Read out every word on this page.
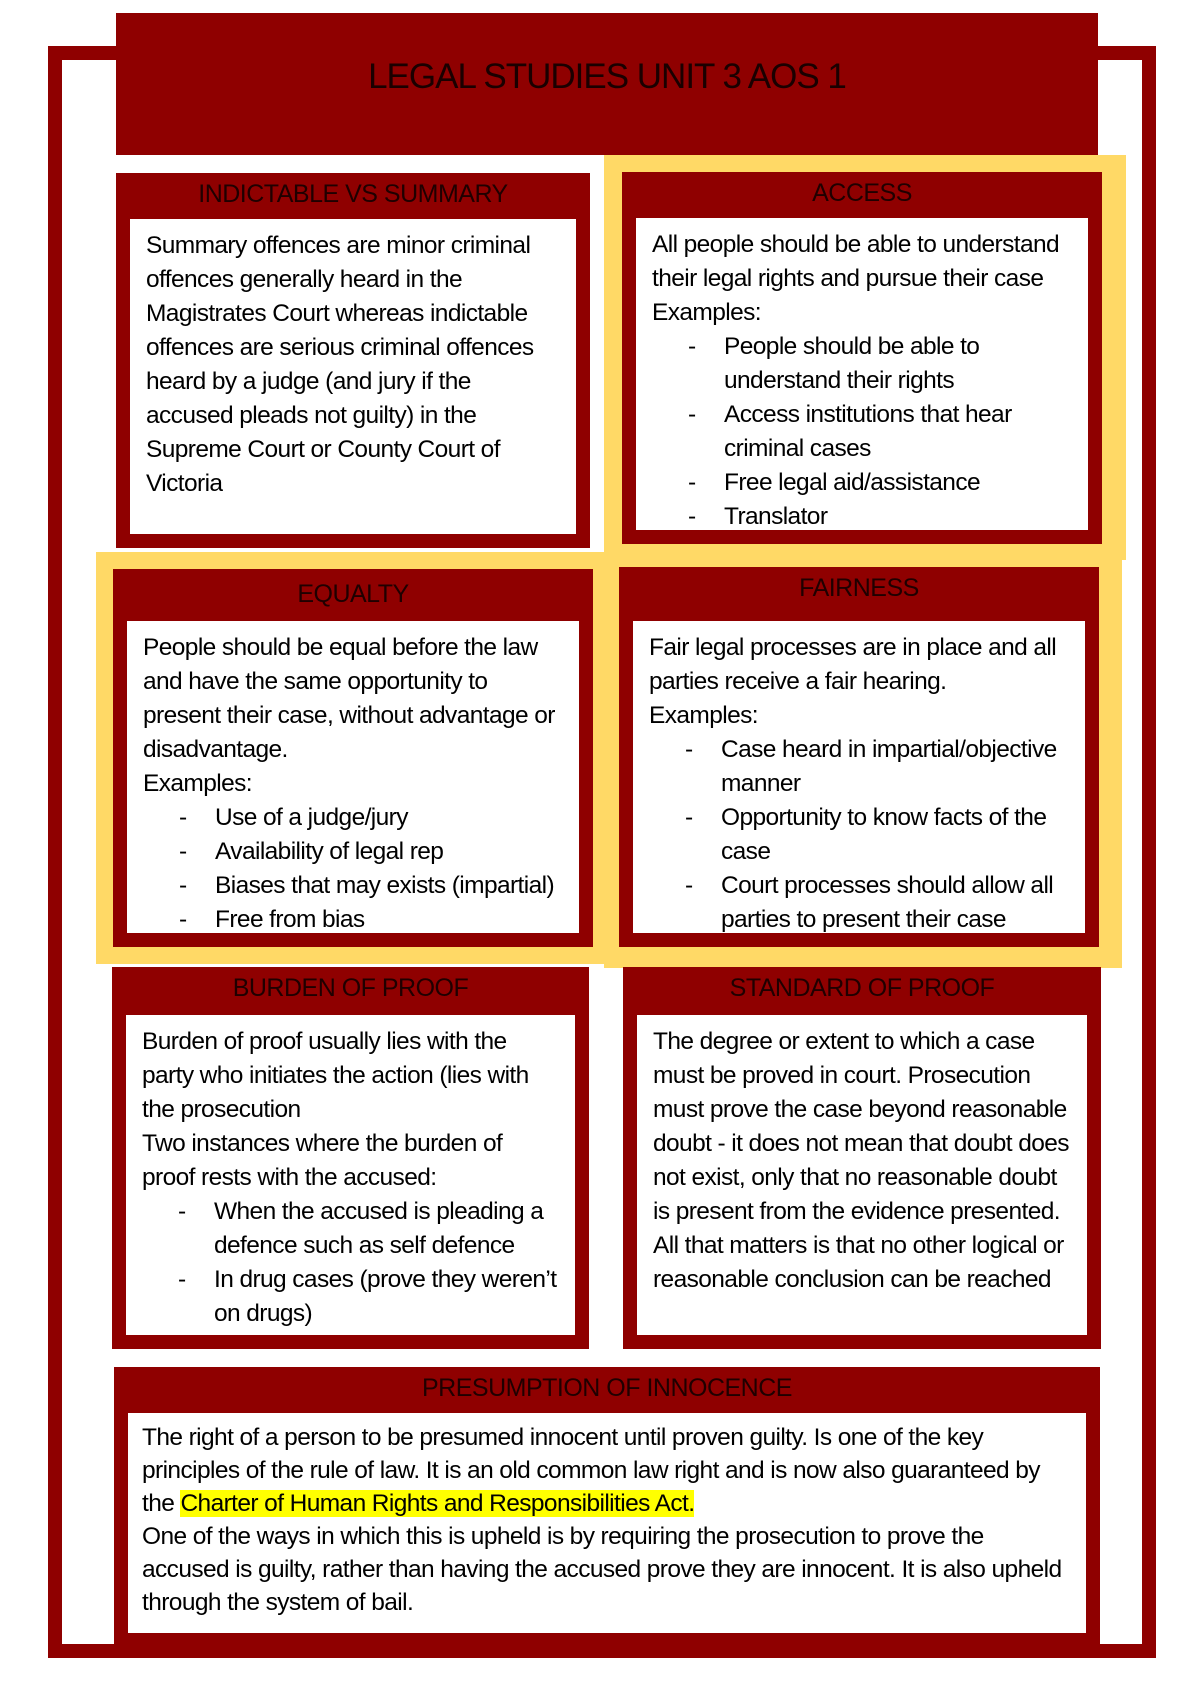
LEGAL STUDIES UNIT 3 AOS 1
INDICTABLE VS SUMMARY

Summary offences are minor criminal offences generally heard in the Magistrates Court whereas indictable offences are serious criminal offences heard by a judge (and jury if the accused pleads not guilty) in the Supreme Court or County Court of Victoria

ACCESS

All people should be able to understand their legal rights and pursue their case

Examples:

- People should be able to understand their rights
- Access institutions that hear criminal cases
- Free legal aid/assistance
- Translator
EQUALTY

People should be equal before the law and have the same opportunity to present their case, without advantage or disadvantage.

Examples:

- Use of a judge/jury
- Availability of legal rep
- Biases that may exists (impartial)
- Free from bias
FAIRNESS

Fair legal processes are in place and all parties receive a fair hearing.

Examples:

- Case heard in impartial/objective manner
- Opportunity to know facts of the case
- Court processes should allow all parties to present their case
BURDEN OF PROOF

Burden of proof usually lies with the party who initiates the action (lies with the prosecution

Two instances where the burden of proof rests with the accused:

- When the accused is pleading a defence such as self defence
- In drug cases (prove they weren’t on drugs)
STANDARD OF PROOF

The degree or extent to which a case must be proved in court. Prosecution must prove the case beyond reasonable doubt - it does not mean that doubt does not exist, only that no reasonable doubt is present from the evidence presented. All that matters is that no other logical or reasonable conclusion can be reached

PRESUMPTION OF INNOCENCE

The right of a person to be presumed innocent until proven guilty. Is one of the key principles of the rule of law. It is an old common law right and is now also guaranteed by the Charter of Human Rights and Responsibilities Act.

One of the ways in which this is upheld is by requiring the prosecution to prove the accused is guilty, rather than having the accused prove they are innocent. It is also upheld through the system of bail.
